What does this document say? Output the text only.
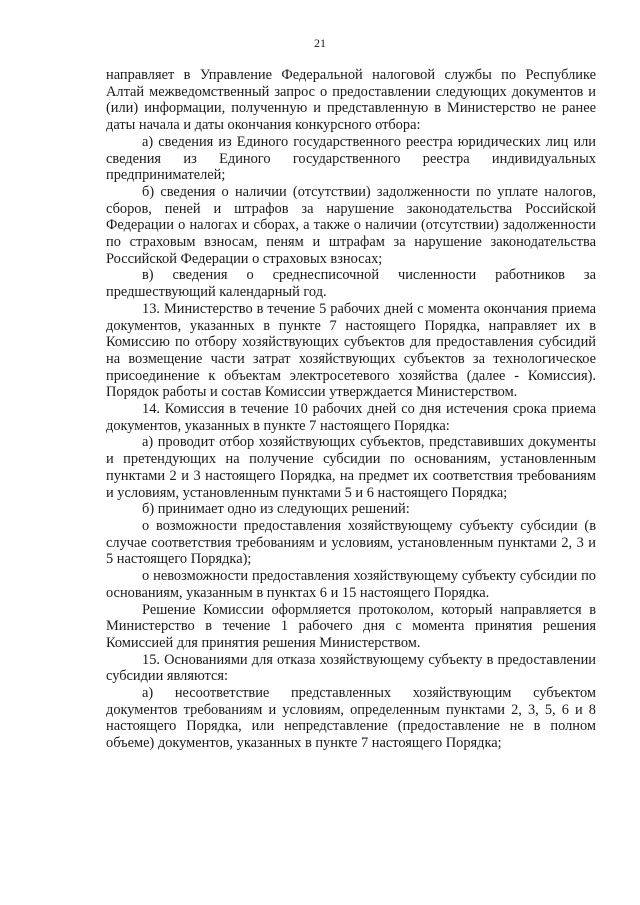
21

направляет в Управление Федеральной налоговой службы по Республике Алтай межведомственный запрос о предоставлении следующих документов и (или) информации, полученную и представленную в Министерство не ранее даты начала и даты окончания конкурсного отбора:

а) сведения из Единого государственного реестра юридических лиц или сведения из Единого государственного реестра индивидуальных предпринимателей;

б) сведения о наличии (отсутствии) задолженности по уплате налогов, сборов, пеней и штрафов за нарушение законодательства Российской Федерации о налогах и сборах, а также о наличии (отсутствии) задолженности по страховым взносам, пеням и штрафам за нарушение законодательства Российской Федерации о страховых взносах;

в) сведения о среднесписочной численности работников за предшествующий календарный год.

13. Министерство в течение 5 рабочих дней с момента окончания приема документов, указанных в пункте 7 настоящего Порядка, направляет их в Комиссию по отбору хозяйствующих субъектов для предоставления субсидий на возмещение части затрат хозяйствующих субъектов за технологическое присоединение к объектам электросетевого хозяйства (далее - Комиссия). Порядок работы и состав Комиссии утверждается Министерством.

14. Комиссия в течение 10 рабочих дней со дня истечения срока приема документов, указанных в пункте 7 настоящего Порядка:

а) проводит отбор хозяйствующих субъектов, представивших документы и претендующих на получение субсидии по основаниям, установленным пунктами 2 и 3 настоящего Порядка, на предмет их соответствия требованиям и условиям, установленным пунктами 5 и 6 настоящего Порядка;

б) принимает одно из следующих решений:

о возможности предоставления хозяйствующему субъекту субсидии (в случае соответствия требованиям и условиям, установленным пунктами 2, 3 и 5 настоящего Порядка);

о невозможности предоставления хозяйствующему субъекту субсидии по основаниям, указанным в пунктах 6 и 15 настоящего Порядка.

Решение Комиссии оформляется протоколом, который направляется в Министерство в течение 1 рабочего дня с момента принятия решения Комиссией для принятия решения Министерством.

15. Основаниями для отказа хозяйствующему субъекту в предоставлении субсидии являются:

а) несоответствие представленных хозяйствующим субъектом документов требованиям и условиям, определенным пунктами 2, 3, 5, 6 и 8 настоящего Порядка, или непредставление (предоставление не в полном объеме) документов, указанных в пункте 7 настоящего Порядка;
